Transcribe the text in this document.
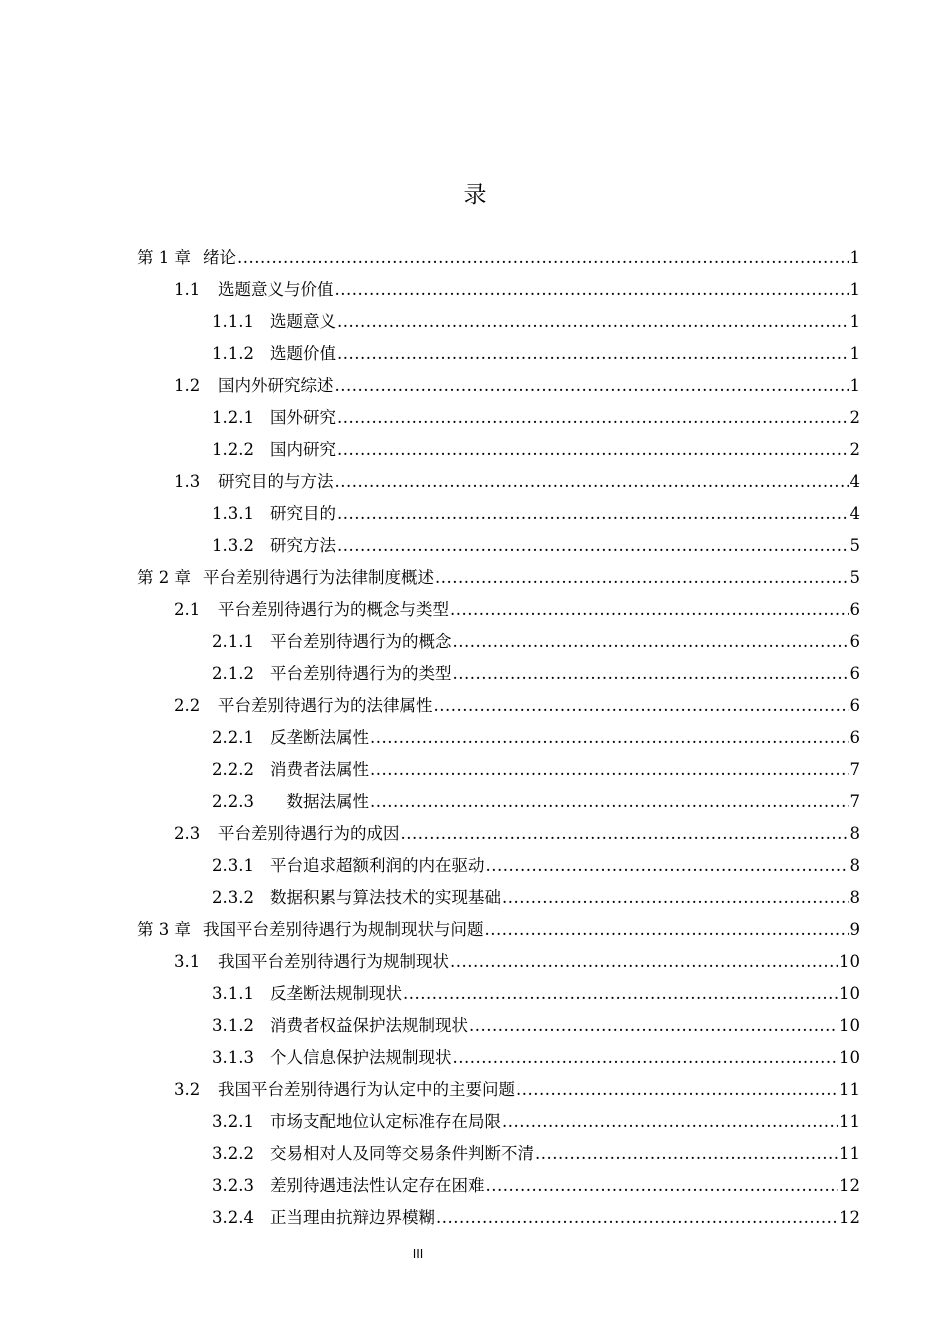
录
第 1 章 绪论 .....	1
1.1	选题意义与价值 .....	1
1.1.1 选题意义 .....	1
1.1.2 选题价值 .....	1
1.2	国内外研究综述 .....	1
1.2.1 国外研究 .....	2
1.2.2 国内研究 .....	2
1.3	研究目的与方法 .....	4
1.3.1 研究目的 .....	4
1.3.2 研究方法 .....	5
第 2 章 平台差别待遇行为法律制度概述 .....	5
2.1	平台差别待遇行为的概念与类型 .....	6
2.1.1 平台差别待遇行为的概念 .....	6
2.1.2 平台差别待遇行为的类型 .....	6
2.2	平台差别待遇行为的法律属性 .....	6
2.2.1 反垄断法属性 .....	6
2.2.2 消费者法属性 .....	7
2.2.3 　数据法属性 .....	7
2.3	平台差别待遇行为的成因 .....	8
2.3.1 平台追求超额利润的内在驱动 .....	8
2.3.2 数据积累与算法技术的实现基础 .....	8
第 3 章 我国平台差别待遇行为规制现状与问题 .....	9
3.1	我国平台差别待遇行为规制现状 .....	10
3.1.1 反垄断法规制现状 .....	10
3.1.2 消费者权益保护法规制现状 .....	10
3.1.3 个人信息保护法规制现状 .....	10
3.2	我国平台差别待遇行为认定中的主要问题 .....	11
3.2.1 市场支配地位认定标准存在局限 .....	11
3.2.2 交易相对人及同等交易条件判断不清 .....	11
3.2.3 差别待遇违法性认定存在困难 .....	12
3.2.4 正当理由抗辩边界模糊 .....	12
III
